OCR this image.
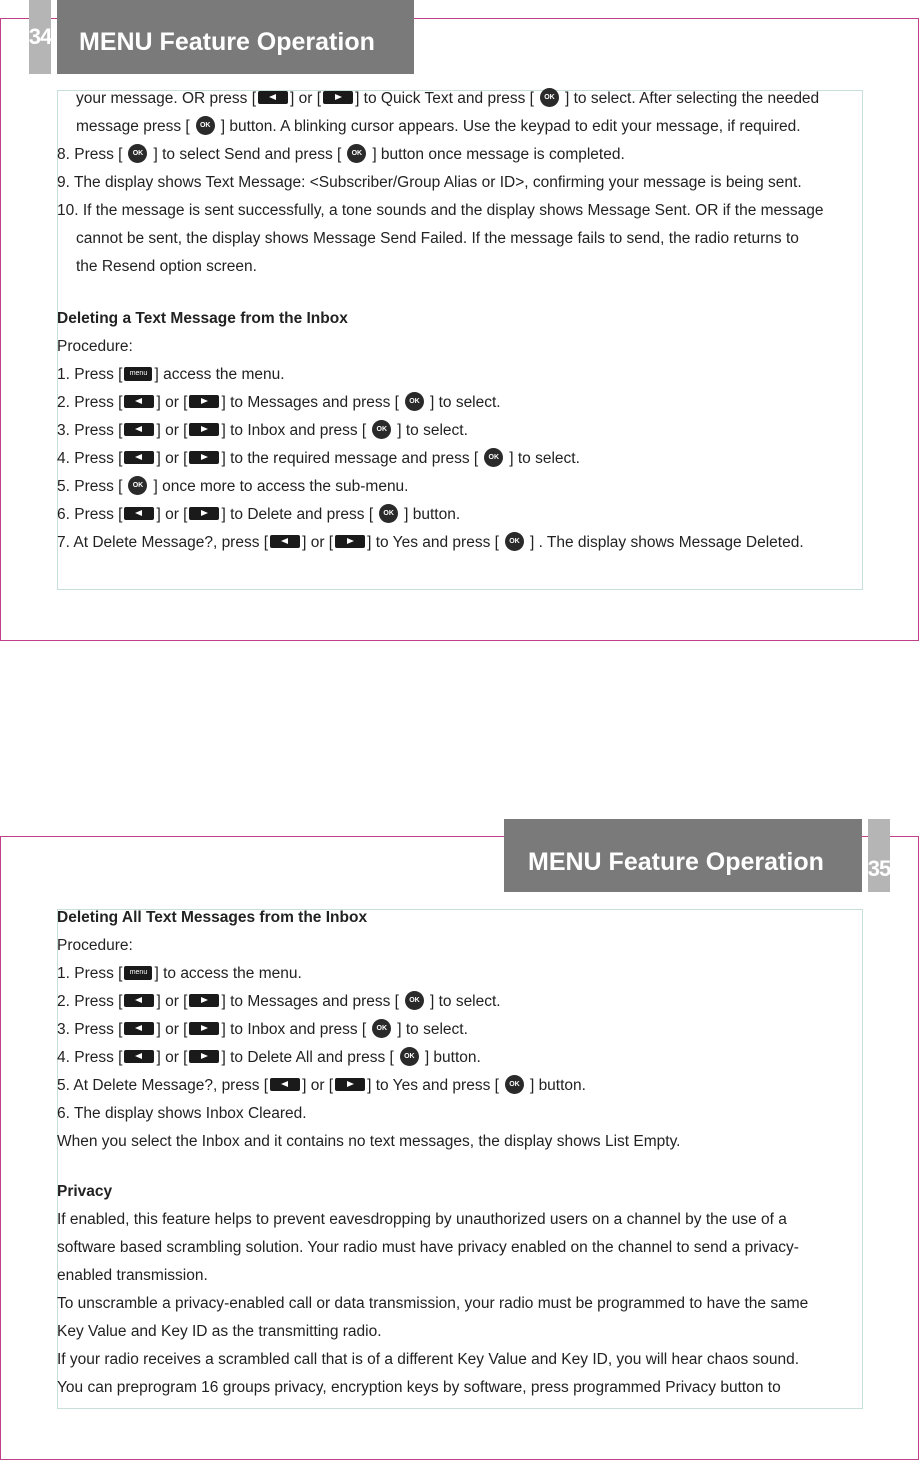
34	MENU Feature Operation
your message. OR press [ ] or [ ] to Quick Text and press [ OK ] to select. After selecting the needed
message press [ OK ] button. A blinking cursor appears. Use the keypad to edit your message, if required.
8. Press [ OK ] to select Send and press [ OK ] button once message is completed.
9. The display shows Text Message: <Subscriber/Group Alias or ID>, confirming your message is being sent.
10. If the message is sent successfully, a tone sounds and the display shows Message Sent. OR if the message
cannot be sent, the display shows Message Send Failed. If the message fails to send, the radio returns to
the Resend option screen.
Deleting a Text Message from the Inbox
Procedure:
1. Press [ menu ] access the menu.
2. Press [ ] or [ ] to Messages and press [ OK ] to select.
3. Press [ ] or [ ] to Inbox and press [ OK ] to select.
4. Press [ ] or [ ] to the required message and press [ OK ] to select.
5. Press [ OK ] once more to access the sub-menu.
6. Press [ ] or [ ] to Delete and press [ OK ] button.
7. At Delete Message?, press [ ] or [ ] to Yes and press [ OK ] . The display shows Message Deleted.
MENU Feature Operation	35
Deleting All Text Messages from the Inbox
Procedure:
1. Press [ menu ] to access the menu.
2. Press [ ] or [ ] to Messages and press [ OK ] to select.
3. Press [ ] or [ ] to Inbox and press [ OK ] to select.
4. Press [ ] or [ ] to Delete All and press [ OK ] button.
5. At Delete Message?, press [ ] or [ ] to Yes and press [ OK ] button.
6. The display shows Inbox Cleared.
When you select the Inbox and it contains no text messages, the display shows List Empty.
Privacy
If enabled, this feature helps to prevent eavesdropping by unauthorized users on a channel by the use of a
software based scrambling solution. Your radio must have privacy enabled on the channel to send a privacy-
enabled transmission.
To unscramble a privacy-enabled call or data transmission, your radio must be programmed to have the same
Key Value and Key ID as the transmitting radio.
If your radio receives a scrambled call that is of a different Key Value and Key ID, you will hear chaos sound.
You can preprogram 16 groups privacy, encryption keys by software, press programmed Privacy button to
